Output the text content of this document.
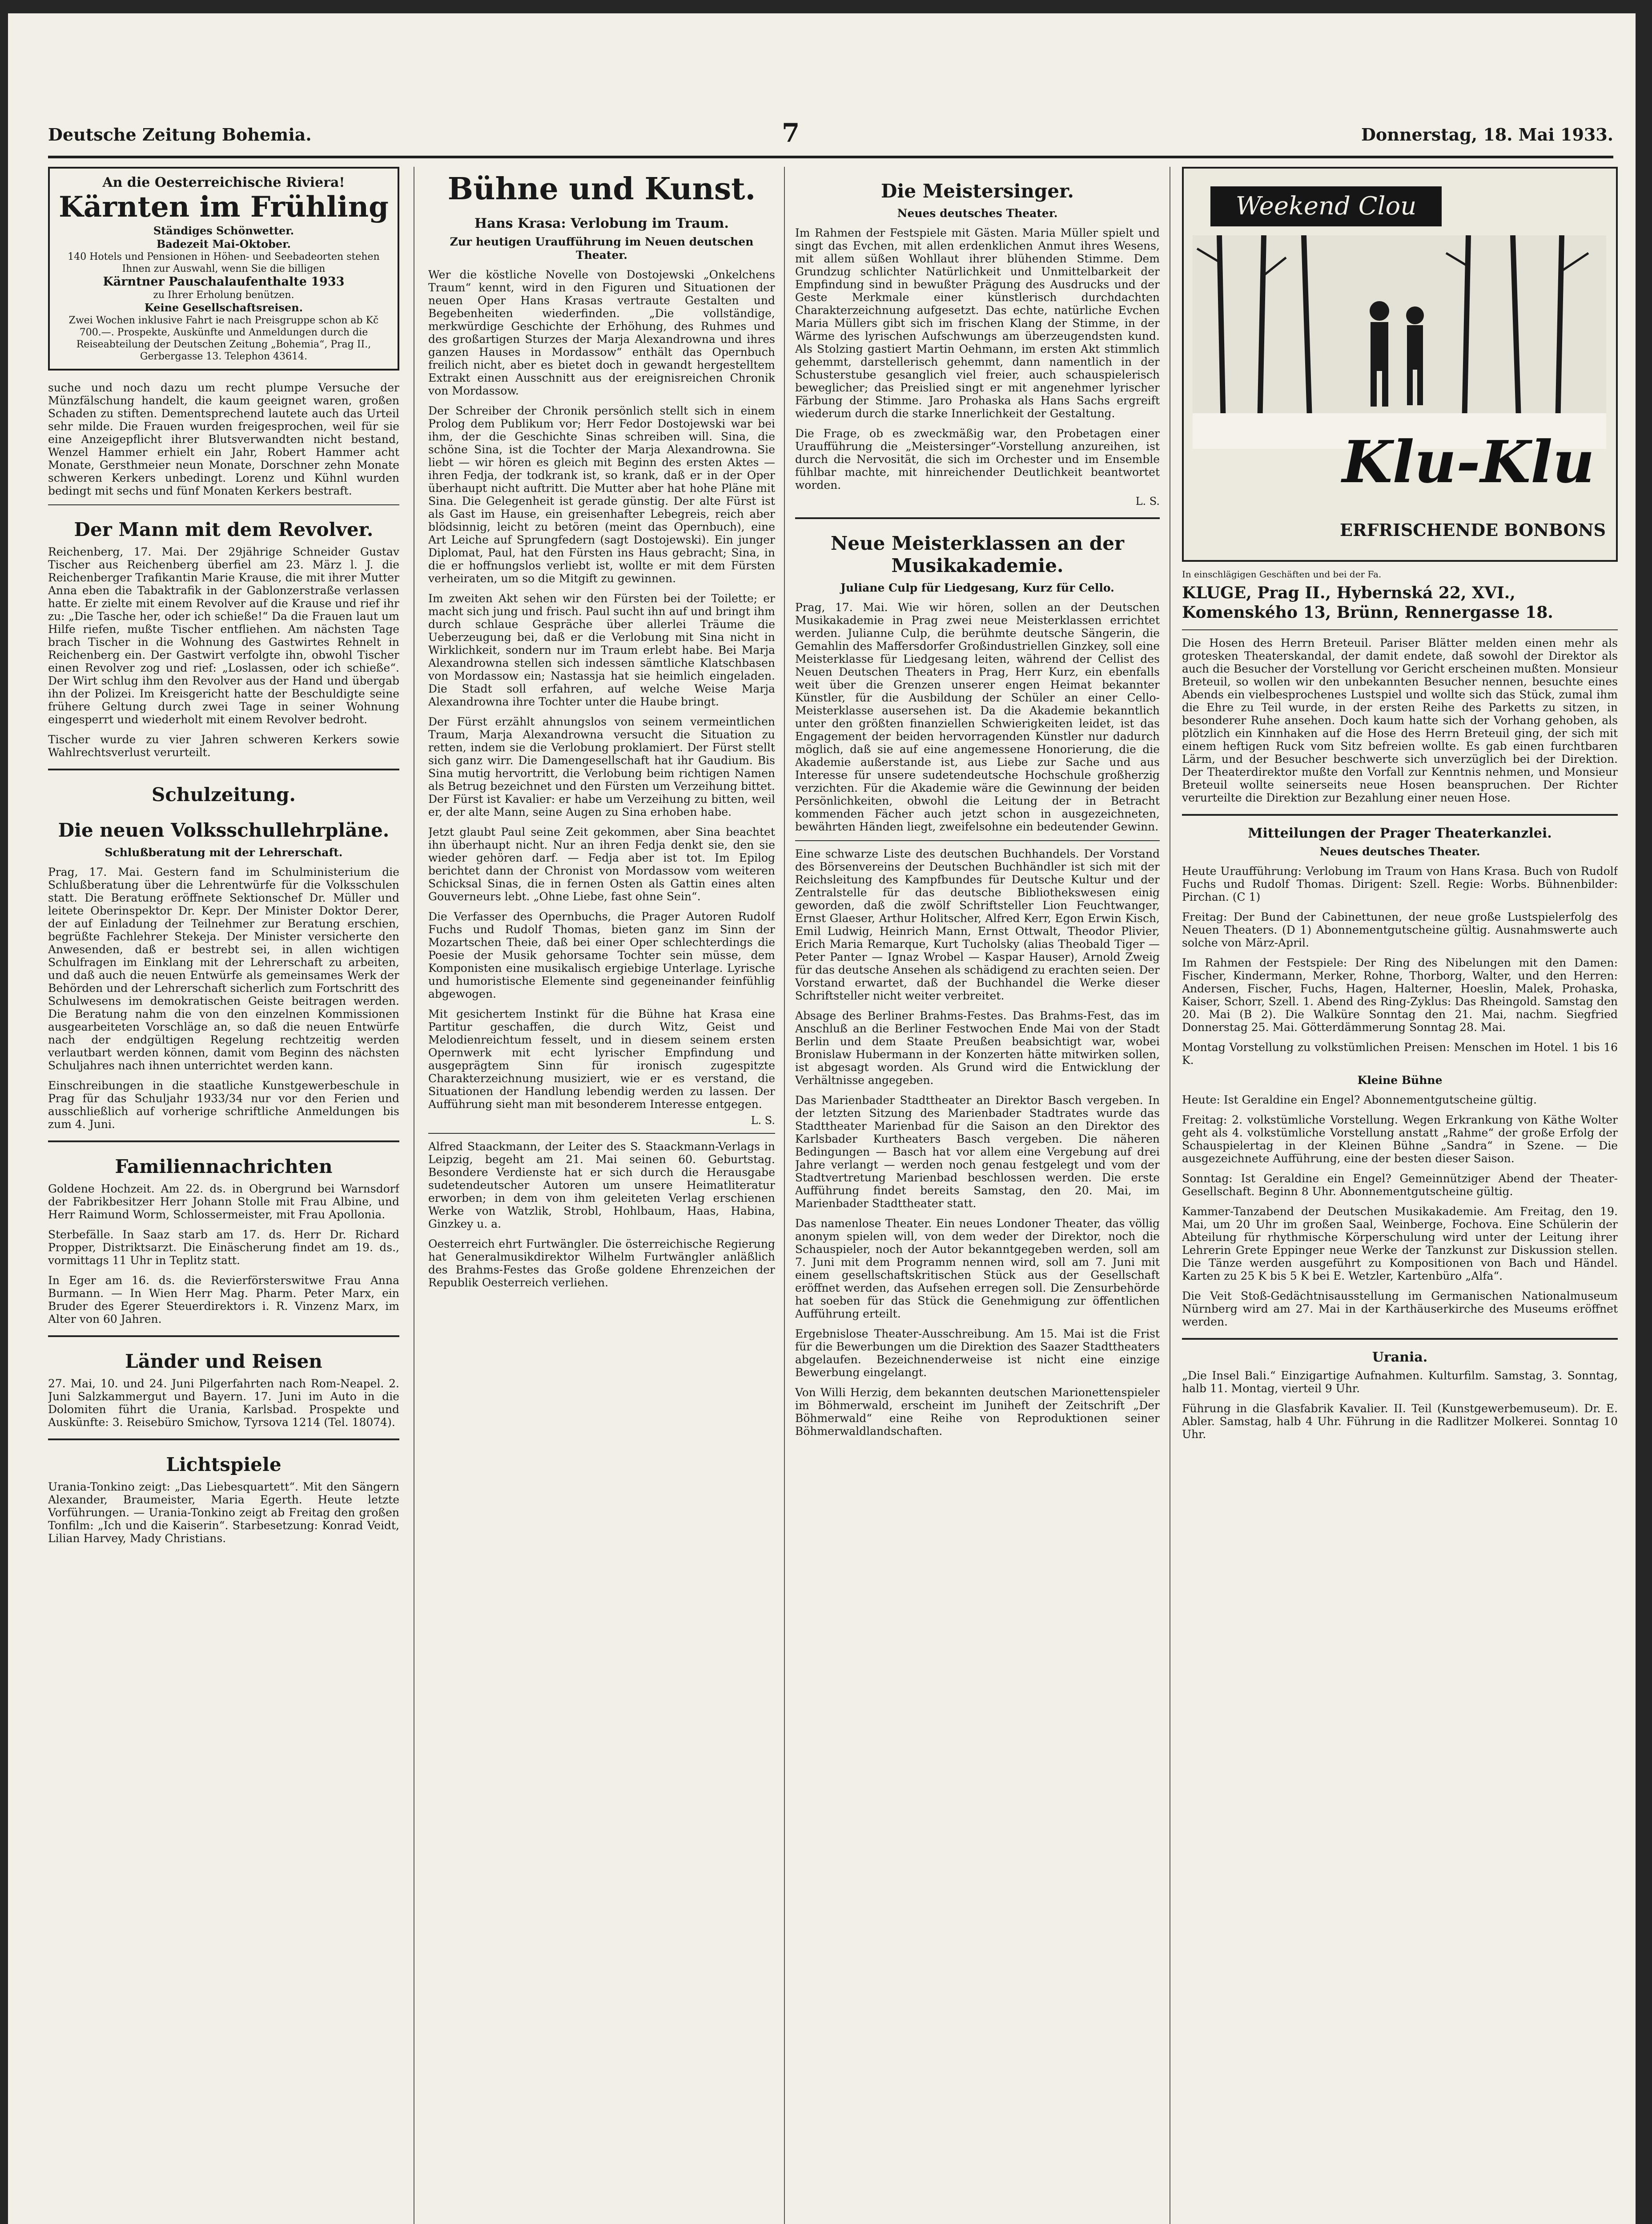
Deutsche Zeitung Bohemia.	7	Donnerstag, 18. Mai 1933.
An die Oesterreichische Riviera!
Kärnten im Frühling
Ständiges Schönwetter.
Badezeit Mai-Oktober.
140 Hotels und Pensionen in Höhen- und Seebadeorten stehen Ihnen zur Auswahl, wenn Sie die billigen
Kärntner Pauschalaufenthalte 1933
zu Ihrer Erholung benützen.
Keine Gesellschaftsreisen.
Zwei Wochen inklusive Fahrt ie nach Preisgruppe schon ab Kč 700.—. Prospekte, Auskünfte und Anmeldungen durch die Reiseabteilung der Deutschen Zeitung „Bohemia“, Prag II., Gerbergasse 13. Telephon 43614.

suche und noch dazu um recht plumpe Versuche der Münzfälschung handelt, die kaum geeignet waren, großen Schaden zu stiften. Dementsprechend lautete auch das Urteil sehr milde. Die Frauen wurden freigesprochen, weil für sie eine Anzeigepflicht ihrer Blutsverwandten nicht bestand, Wenzel Hammer erhielt ein Jahr, Robert Hammer acht Monate, Gersthmeier neun Monate, Dorschner zehn Monate schweren Kerkers unbedingt. Lorenz und Kühnl wurden bedingt mit sechs und fünf Monaten Kerkers bestraft.

Der Mann mit dem Revolver.

Reichenberg, 17. Mai. Der 29jährige Schneider Gustav Tischer aus Reichenberg überfiel am 23. März l. J. die Reichenberger Trafikantin Marie Krause, die mit ihrer Mutter Anna eben die Tabaktrafik in der Gablonzerstraße verlassen hatte. Er zielte mit einem Revolver auf die Krause und rief ihr zu: „Die Tasche her, oder ich schieße!“ Da die Frauen laut um Hilfe riefen, mußte Tischer entfliehen. Am nächsten Tage brach Tischer in die Wohnung des Gastwirtes Rehnelt in Reichenberg ein. Der Gastwirt verfolgte ihn, obwohl Tischer einen Revolver zog und rief: „Loslassen, oder ich schieße“. Der Wirt schlug ihm den Revolver aus der Hand und übergab ihn der Polizei. Im Kreisgericht hatte der Beschuldigte seine frühere Geltung durch zwei Tage in seiner Wohnung eingesperrt und wiederholt mit einem Revolver bedroht.

Tischer wurde zu vier Jahren schweren Kerkers sowie Wahlrechtsverlust verurteilt.

Schulzeitung.
Die neuen Volksschullehrpläne.
Schlußberatung mit der Lehrerschaft.

Prag, 17. Mai. Gestern fand im Schulministerium die Schlußberatung über die Lehrentwürfe für die Volksschulen statt. Die Beratung eröffnete Sektionschef Dr. Müller und leitete Oberinspektor Dr. Kepr. Der Minister Doktor Derer, der auf Einladung der Teilnehmer zur Beratung erschien, begrüßte Fachlehrer Stekeja. Der Minister versicherte den Anwesenden, daß er bestrebt sei, in allen wichtigen Schulfragen im Einklang mit der Lehrerschaft zu arbeiten, und daß auch die neuen Entwürfe als gemeinsames Werk der Behörden und der Lehrerschaft sicherlich zum Fortschritt des Schulwesens im demokratischen Geiste beitragen werden. Die Beratung nahm die von den einzelnen Kommissionen ausgearbeiteten Vorschläge an, so daß die neuen Entwürfe nach der endgültigen Regelung rechtzeitig werden verlautbart werden können, damit vom Beginn des nächsten Schuljahres nach ihnen unterrichtet werden kann.

Einschreibungen in die staatliche Kunstgewerbeschule in Prag für das Schuljahr 1933/34 nur vor den Ferien und ausschließlich auf vorherige schriftliche Anmeldungen bis zum 4. Juni.

Familiennachrichten

Goldene Hochzeit. Am 22. ds. in Obergrund bei Warnsdorf der Fabrikbesitzer Herr Johann Stolle mit Frau Albine, und Herr Raimund Worm, Schlossermeister, mit Frau Apollonia.

Sterbefälle. In Saaz starb am 17. ds. Herr Dr. Richard Propper, Distriktsarzt. Die Einäscherung findet am 19. ds., vormittags 11 Uhr in Teplitz statt.

In Eger am 16. ds. die Revierförsterswitwe Frau Anna Burmann. — In Wien Herr Mag. Pharm. Peter Marx, ein Bruder des Egerer Steuerdirektors i. R. Vinzenz Marx, im Alter von 60 Jahren.

Länder und Reisen

27. Mai, 10. und 24. Juni Pilgerfahrten nach Rom-Neapel. 2. Juni Salzkammergut und Bayern. 17. Juni im Auto in die Dolomiten führt die Urania, Karlsbad. Prospekte und Auskünfte: 3. Reisebüro Smichow, Tyrsova 1214 (Tel. 18074).

Lichtspiele

Urania-Tonkino zeigt: „Das Liebesquartett“. Mit den Sängern Alexander, Braumeister, Maria Egerth. Heute letzte Vorführungen. — Urania-Tonkino zeigt ab Freitag den großen Tonfilm: „Ich und die Kaiserin“. Starbesetzung: Konrad Veidt, Lilian Harvey, Mady Christians.

Bühne und Kunst.
Hans Krasa: Verlobung im Traum.
Zur heutigen Uraufführung im Neuen deutschen Theater.

Wer die köstliche Novelle von Dostojewski „Onkelchens Traum“ kennt, wird in den Figuren und Situationen der neuen Oper Hans Krasas vertraute Gestalten und Begebenheiten wiederfinden. „Die vollständige, merkwürdige Geschichte der Erhöhung, des Ruhmes und des großartigen Sturzes der Marja Alexandrowna und ihres ganzen Hauses in Mordassow“ enthält das Opernbuch freilich nicht, aber es bietet doch in gewandt hergestelltem Extrakt einen Ausschnitt aus der ereignisreichen Chronik von Mordassow.

Der Schreiber der Chronik persönlich stellt sich in einem Prolog dem Publikum vor; Herr Fedor Dostojewski war bei ihm, der die Geschichte Sinas schreiben will. Sina, die schöne Sina, ist die Tochter der Marja Alexandrowna. Sie liebt — wir hören es gleich mit Beginn des ersten Aktes — ihren Fedja, der todkrank ist, so krank, daß er in der Oper überhaupt nicht auftritt. Die Mutter aber hat hohe Pläne mit Sina. Die Gelegenheit ist gerade günstig. Der alte Fürst ist als Gast im Hause, ein greisenhafter Lebegreis, reich aber blödsinnig, leicht zu betören (meint das Opernbuch), eine Art Leiche auf Sprungfedern (sagt Dostojewski). Ein junger Diplomat, Paul, hat den Fürsten ins Haus gebracht; Sina, in die er hoffnungslos verliebt ist, wollte er mit dem Fürsten verheiraten, um so die Mitgift zu gewinnen.

Im zweiten Akt sehen wir den Fürsten bei der Toilette; er macht sich jung und frisch. Paul sucht ihn auf und bringt ihm durch schlaue Gespräche über allerlei Träume die Ueberzeugung bei, daß er die Verlobung mit Sina nicht in Wirklichkeit, sondern nur im Traum erlebt habe. Bei Marja Alexandrowna stellen sich indessen sämtliche Klatschbasen von Mordassow ein; Nastassja hat sie heimlich eingeladen. Die Stadt soll erfahren, auf welche Weise Marja Alexandrowna ihre Tochter unter die Haube bringt.

Der Fürst erzählt ahnungslos von seinem vermeintlichen Traum, Marja Alexandrowna versucht die Situation zu retten, indem sie die Verlobung proklamiert. Der Fürst stellt sich ganz wirr. Die Damengesellschaft hat ihr Gaudium. Bis Sina mutig hervortritt, die Verlobung beim richtigen Namen als Betrug bezeichnet und den Fürsten um Verzeihung bittet. Der Fürst ist Kavalier: er habe um Verzeihung zu bitten, weil er, der alte Mann, seine Augen zu Sina erhoben habe.

Jetzt glaubt Paul seine Zeit gekommen, aber Sina beachtet ihn überhaupt nicht. Nur an ihren Fedja denkt sie, den sie wieder gehören darf. — Fedja aber ist tot. Im Epilog berichtet dann der Chronist von Mordassow vom weiteren Schicksal Sinas, die in fernen Osten als Gattin eines alten Gouverneurs lebt. „Ohne Liebe, fast ohne Sein“.

Die Verfasser des Opernbuchs, die Prager Autoren Rudolf Fuchs und Rudolf Thomas, bieten ganz im Sinn der Mozartschen Theie, daß bei einer Oper schlechterdings die Poesie der Musik gehorsame Tochter sein müsse, dem Komponisten eine musikalisch ergiebige Unterlage. Lyrische und humoristische Elemente sind gegeneinander feinfühlig abgewogen.

Mit gesichertem Instinkt für die Bühne hat Krasa eine Partitur geschaffen, die durch Witz, Geist und Melodienreichtum fesselt, und in diesem seinem ersten Opernwerk mit echt lyrischer Empfindung und ausgeprägtem Sinn für ironisch zugespitzte Charakterzeichnung musiziert, wie er es verstand, die Situationen der Handlung lebendig werden zu lassen. Der Aufführung sieht man mit besonderem Interesse entgegen.

L. S.

Alfred Staackmann, der Leiter des S. Staackmann-Verlags in Leipzig, begeht am 21. Mai seinen 60. Geburtstag. Besondere Verdienste hat er sich durch die Herausgabe sudetendeutscher Autoren um unsere Heimatliteratur erworben; in dem von ihm geleiteten Verlag erschienen Werke von Watzlik, Strobl, Hohlbaum, Haas, Habina, Ginzkey u. a.

Oesterreich ehrt Furtwängler. Die österreichische Regierung hat Generalmusikdirektor Wilhelm Furtwängler anläßlich des Brahms-Festes das Große goldene Ehrenzeichen der Republik Oesterreich verliehen.

Die Meistersinger.
Neues deutsches Theater.

Im Rahmen der Festspiele mit Gästen. Maria Müller spielt und singt das Evchen, mit allen erdenklichen Anmut ihres Wesens, mit allem süßen Wohllaut ihrer blühenden Stimme. Dem Grundzug schlichter Natürlichkeit und Unmittelbarkeit der Empfindung sind in bewußter Prägung des Ausdrucks und der Geste Merkmale einer künstlerisch durchdachten Charakterzeichnung aufgesetzt. Das echte, natürliche Evchen Maria Müllers gibt sich im frischen Klang der Stimme, in der Wärme des lyrischen Aufschwungs am überzeugendsten kund. Als Stolzing gastiert Martin Oehmann, im ersten Akt stimmlich gehemmt, darstellerisch gehemmt, dann namentlich in der Schusterstube gesanglich viel freier, auch schauspielerisch beweglicher; das Preislied singt er mit angenehmer lyrischer Färbung der Stimme. Jaro Prohaska als Hans Sachs ergreift wiederum durch die starke Innerlichkeit der Gestaltung.

Die Frage, ob es zweckmäßig war, den Probetagen einer Uraufführung die „Meistersinger“-Vorstellung anzureihen, ist durch die Nervosität, die sich im Orchester und im Ensemble fühlbar machte, mit hinreichender Deutlichkeit beantwortet worden.

L. S.
Neue Meisterklassen an der Musikakademie.
Juliane Culp für Liedgesang, Kurz für Cello.

Prag, 17. Mai. Wie wir hören, sollen an der Deutschen Musikakademie in Prag zwei neue Meisterklassen errichtet werden. Julianne Culp, die berühmte deutsche Sängerin, die Gemahlin des Maffersdorfer Großindustriellen Ginzkey, soll eine Meisterklasse für Liedgesang leiten, während der Cellist des Neuen Deutschen Theaters in Prag, Herr Kurz, ein ebenfalls weit über die Grenzen unserer engen Heimat bekannter Künstler, für die Ausbildung der Schüler an einer Cello-Meisterklasse ausersehen ist. Da die Akademie bekanntlich unter den größten finanziellen Schwierigkeiten leidet, ist das Engagement der beiden hervorragenden Künstler nur dadurch möglich, daß sie auf eine angemessene Honorierung, die die Akademie außerstande ist, aus Liebe zur Sache und aus Interesse für unsere sudetendeutsche Hochschule großherzig verzichten. Für die Akademie wäre die Gewinnung der beiden Persönlichkeiten, obwohl die Leitung der in Betracht kommenden Fächer auch jetzt schon in ausgezeichneten, bewährten Händen liegt, zweifelsohne ein bedeutender Gewinn.

Eine schwarze Liste des deutschen Buchhandels. Der Vorstand des Börsenvereins der Deutschen Buchhändler ist sich mit der Reichsleitung des Kampfbundes für Deutsche Kultur und der Zentralstelle für das deutsche Bibliothekswesen einig geworden, daß die zwölf Schriftsteller Lion Feuchtwanger, Ernst Glaeser, Arthur Holitscher, Alfred Kerr, Egon Erwin Kisch, Emil Ludwig, Heinrich Mann, Ernst Ottwalt, Theodor Plivier, Erich Maria Remarque, Kurt Tucholsky (alias Theobald Tiger — Peter Panter — Ignaz Wrobel — Kaspar Hauser), Arnold Zweig für das deutsche Ansehen als schädigend zu erachten seien. Der Vorstand erwartet, daß der Buchhandel die Werke dieser Schriftsteller nicht weiter verbreitet.

Absage des Berliner Brahms-Festes. Das Brahms-Fest, das im Anschluß an die Berliner Festwochen Ende Mai von der Stadt Berlin und dem Staate Preußen beabsichtigt war, wobei Bronislaw Hubermann in der Konzerten hätte mitwirken sollen, ist abgesagt worden. Als Grund wird die Entwicklung der Verhältnisse angegeben.

Das Marienbader Stadttheater an Direktor Basch vergeben. In der letzten Sitzung des Marienbader Stadtrates wurde das Stadttheater Marienbad für die Saison an den Direktor des Karlsbader Kurtheaters Basch vergeben. Die näheren Bedingungen — Basch hat vor allem eine Vergebung auf drei Jahre verlangt — werden noch genau festgelegt und vom der Stadtvertretung Marienbad beschlossen werden. Die erste Aufführung findet bereits Samstag, den 20. Mai, im Marienbader Stadttheater statt.

Das namenlose Theater. Ein neues Londoner Theater, das völlig anonym spielen will, von dem weder der Direktor, noch die Schauspieler, noch der Autor bekanntgegeben werden, soll am 7. Juni mit dem Programm nennen wird, soll am 7. Juni mit einem gesellschaftskritischen Stück aus der Gesellschaft eröffnet werden, das Aufsehen erregen soll. Die Zensurbehörde hat soeben für das Stück die Genehmigung zur öffentlichen Aufführung erteilt.

Ergebnislose Theater-Ausschreibung. Am 15. Mai ist die Frist für die Bewerbungen um die Direktion des Saazer Stadttheaters abgelaufen. Bezeichnenderweise ist nicht eine einzige Bewerbung eingelangt.

Von Willi Herzig, dem bekannten deutschen Marionettenspieler im Böhmerwald, erscheint im Juniheft der Zeitschrift „Der Böhmerwald“ eine Reihe von Reproduktionen seiner Böhmerwaldlandschaften.

Weekend Clou
Klu-Klu
ERFRISCHENDE BONBONS
In einschlägigen Geschäften und bei der Fa.
KLUGE, Prag II., Hybernská 22, XVI., Komenského 13, Brünn, Rennergasse 18.

Die Hosen des Herrn Breteuil. Pariser Blätter melden einen mehr als grotesken Theaterskandal, der damit endete, daß sowohl der Direktor als auch die Besucher der Vorstellung vor Gericht erscheinen mußten. Monsieur Breteuil, so wollen wir den unbekannten Besucher nennen, besuchte eines Abends ein vielbesprochenes Lustspiel und wollte sich das Stück, zumal ihm die Ehre zu Teil wurde, in der ersten Reihe des Parketts zu sitzen, in besonderer Ruhe ansehen. Doch kaum hatte sich der Vorhang gehoben, als plötzlich ein Kinnhaken auf die Hose des Herrn Breteuil ging, der sich mit einem heftigen Ruck vom Sitz befreien wollte. Es gab einen furchtbaren Lärm, und der Besucher beschwerte sich unverzüglich bei der Direktion. Der Theaterdirektor mußte den Vorfall zur Kenntnis nehmen, und Monsieur Breteuil wollte seinerseits neue Hosen beanspruchen. Der Richter verurteilte die Direktion zur Bezahlung einer neuen Hose.

Mitteilungen der Prager Theaterkanzlei.
Neues deutsches Theater.

Heute Uraufführung: Verlobung im Traum von Hans Krasa. Buch von Rudolf Fuchs und Rudolf Thomas. Dirigent: Szell. Regie: Worbs. Bühnenbilder: Pirchan. (C 1)

Freitag: Der Bund der Cabinettunen, der neue große Lustspielerfolg des Neuen Theaters. (D 1) Abonnementgutscheine gültig. Ausnahmswerte auch solche von März-April.

Im Rahmen der Festspiele: Der Ring des Nibelungen mit den Damen: Fischer, Kindermann, Merker, Rohne, Thorborg, Walter, und den Herren: Andersen, Fischer, Fuchs, Hagen, Halterner, Hoeslin, Malek, Prohaska, Kaiser, Schorr, Szell. 1. Abend des Ring-Zyklus: Das Rheingold. Samstag den 20. Mai (B 2). Die Walküre Sonntag den 21. Mai, nachm. Siegfried Donnerstag 25. Mai. Götterdämmerung Sonntag 28. Mai.

Montag Vorstellung zu volkstümlichen Preisen: Menschen im Hotel. 1 bis 16 K.

Kleine Bühne

Heute: Ist Geraldine ein Engel? Abonnementgutscheine gültig.

Freitag: 2. volkstümliche Vorstellung. Wegen Erkrankung von Käthe Wolter geht als 4. volkstümliche Vorstellung anstatt „Rahme“ der große Erfolg der Schauspielertag in der Kleinen Bühne „Sandra“ in Szene. — Die ausgezeichnete Aufführung, eine der besten dieser Saison.

Sonntag: Ist Geraldine ein Engel? Gemeinnütziger Abend der Theater-Gesellschaft. Beginn 8 Uhr. Abonnementgutscheine gültig.

Kammer-Tanzabend der Deutschen Musikakademie. Am Freitag, den 19. Mai, um 20 Uhr im großen Saal, Weinberge, Fochova. Eine Schülerin der Abteilung für rhythmische Körperschulung wird unter der Leitung ihrer Lehrerin Grete Eppinger neue Werke der Tanzkunst zur Diskussion stellen. Die Tänze werden ausgeführt zu Kompositionen von Bach und Händel. Karten zu 25 K bis 5 K bei E. Wetzler, Kartenbüro „Alfa“.

Die Veit Stoß-Gedächtnisausstellung im Germanischen Nationalmuseum Nürnberg wird am 27. Mai in der Karthäuserkirche des Museums eröffnet werden.

Urania.

„Die Insel Bali.“ Einzigartige Aufnahmen. Kulturfilm. Samstag, 3. Sonntag, halb 11. Montag, vierteil 9 Uhr.

Führung in die Glasfabrik Kavalier. II. Teil (Kunstgewerbemuseum). Dr. E. Abler. Samstag, halb 4 Uhr. Führung in die Radlitzer Molkerei. Sonntag 10 Uhr.
